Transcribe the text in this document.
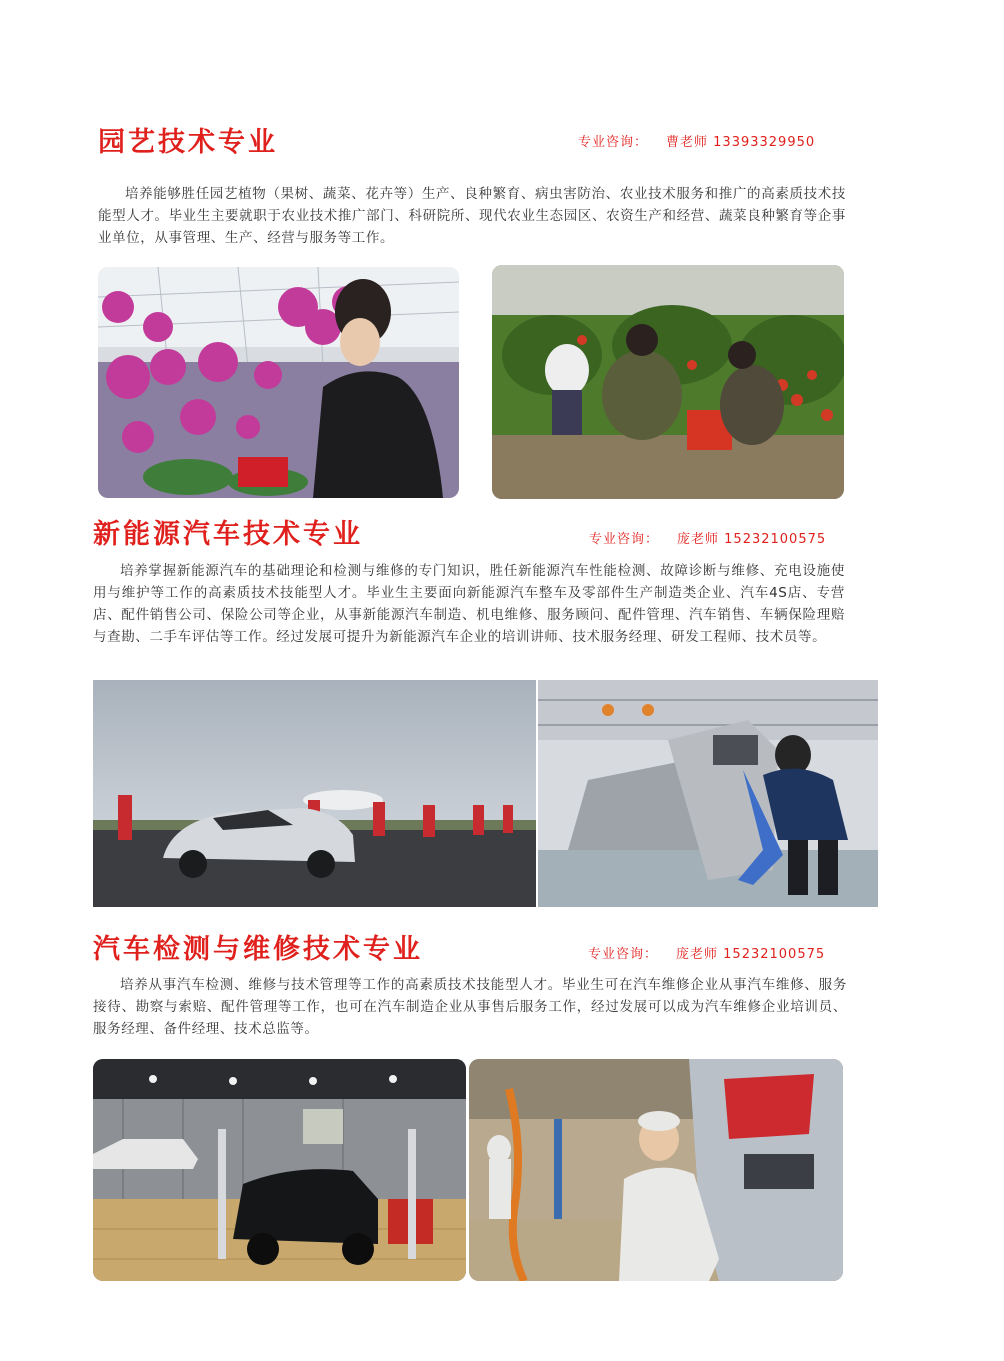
园艺技术专业	专业咨询： 曹老师 13393329950

培养能够胜任园艺植物（果树、蔬菜、花卉等）生产、良种繁育、病虫害防治、农业技术服务和推广的高素质技术技能型人才。毕业生主要就职于农业技术推广部门、科研院所、现代农业生态园区、农资生产和经营、蔬菜良种繁育等企事业单位，从事管理、生产、经营与服务等工作。

新能源汽车技术专业	专业咨询： 庞老师 15232100575

培养掌握新能源汽车的基础理论和检测与维修的专门知识，胜任新能源汽车性能检测、故障诊断与维修、充电设施使用与维护等工作的高素质技术技能型人才。毕业生主要面向新能源汽车整车及零部件生产制造类企业、汽车4S店、专营店、配件销售公司、保险公司等企业，从事新能源汽车制造、机电维修、服务顾问、配件管理、汽车销售、车辆保险理赔与查勘、二手车评估等工作。经过发展可提升为新能源汽车企业的培训讲师、技术服务经理、研发工程师、技术员等。

汽车检测与维修技术专业	专业咨询： 庞老师 15232100575

培养从事汽车检测、维修与技术管理等工作的高素质技术技能型人才。毕业生可在汽车维修企业从事汽车维修、服务接待、勘察与索赔、配件管理等工作，也可在汽车制造企业从事售后服务工作，经过发展可以成为汽车维修企业培训员、服务经理、备件经理、技术总监等。
